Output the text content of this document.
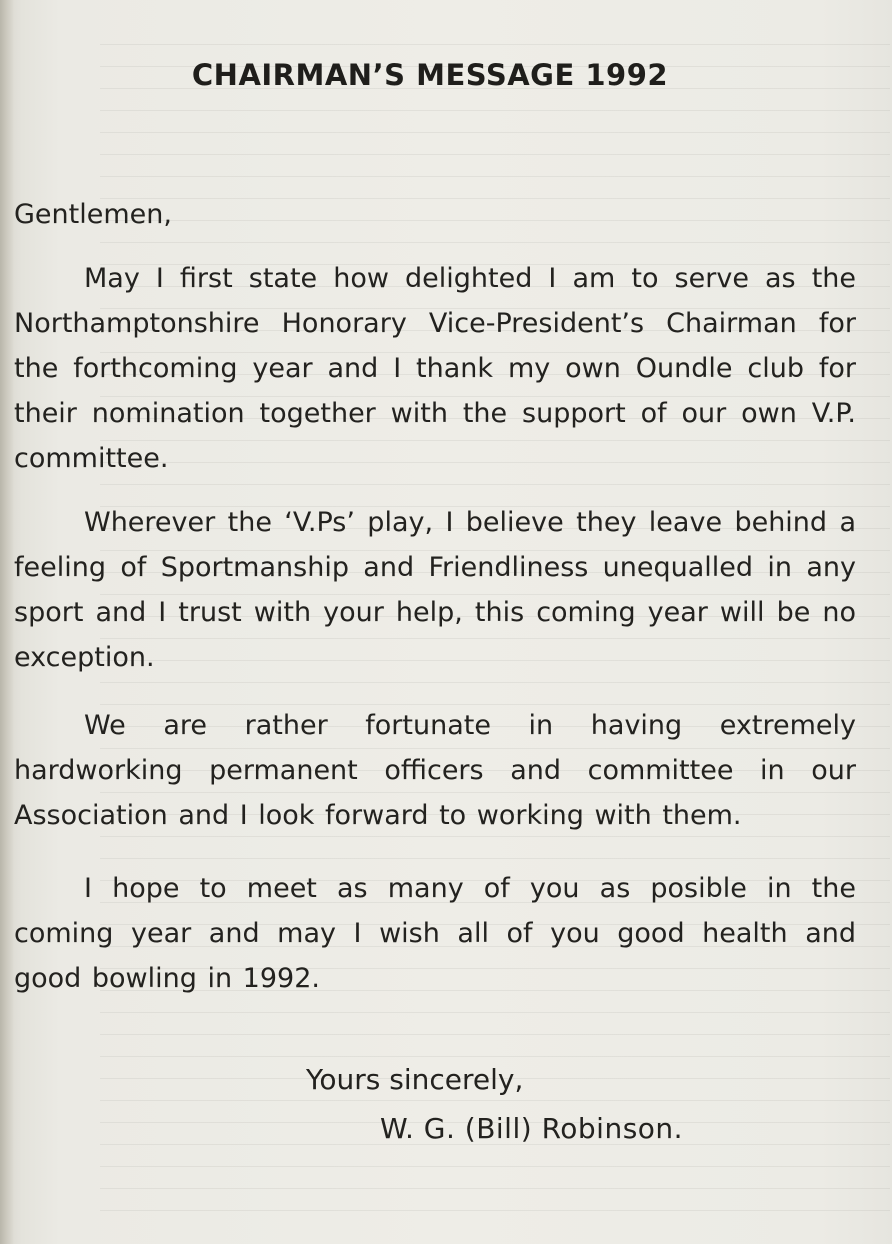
CHAIRMAN’S MESSAGE 1992
Gentlemen,
May I first state how delighted I am to serve as the Northamptonshire Honorary Vice-President’s Chairman for the forthcoming year and I thank my own Oundle club for their nomination together with the support of our own V.P. committee.
Wherever the ‘V.Ps’ play, I believe they leave behind a feeling of Sportmanship and Friendliness unequalled in any sport and I trust with your help, this coming year will be no exception.
We are rather fortunate in having extremely hardworking permanent officers and committee in our Association and I look forward to working with them.
I hope to meet as many of you as posible in the coming year and may I wish all of you good health and good bowling in 1992.
Yours sincerely,
W. G. (Bill) Robinson.
